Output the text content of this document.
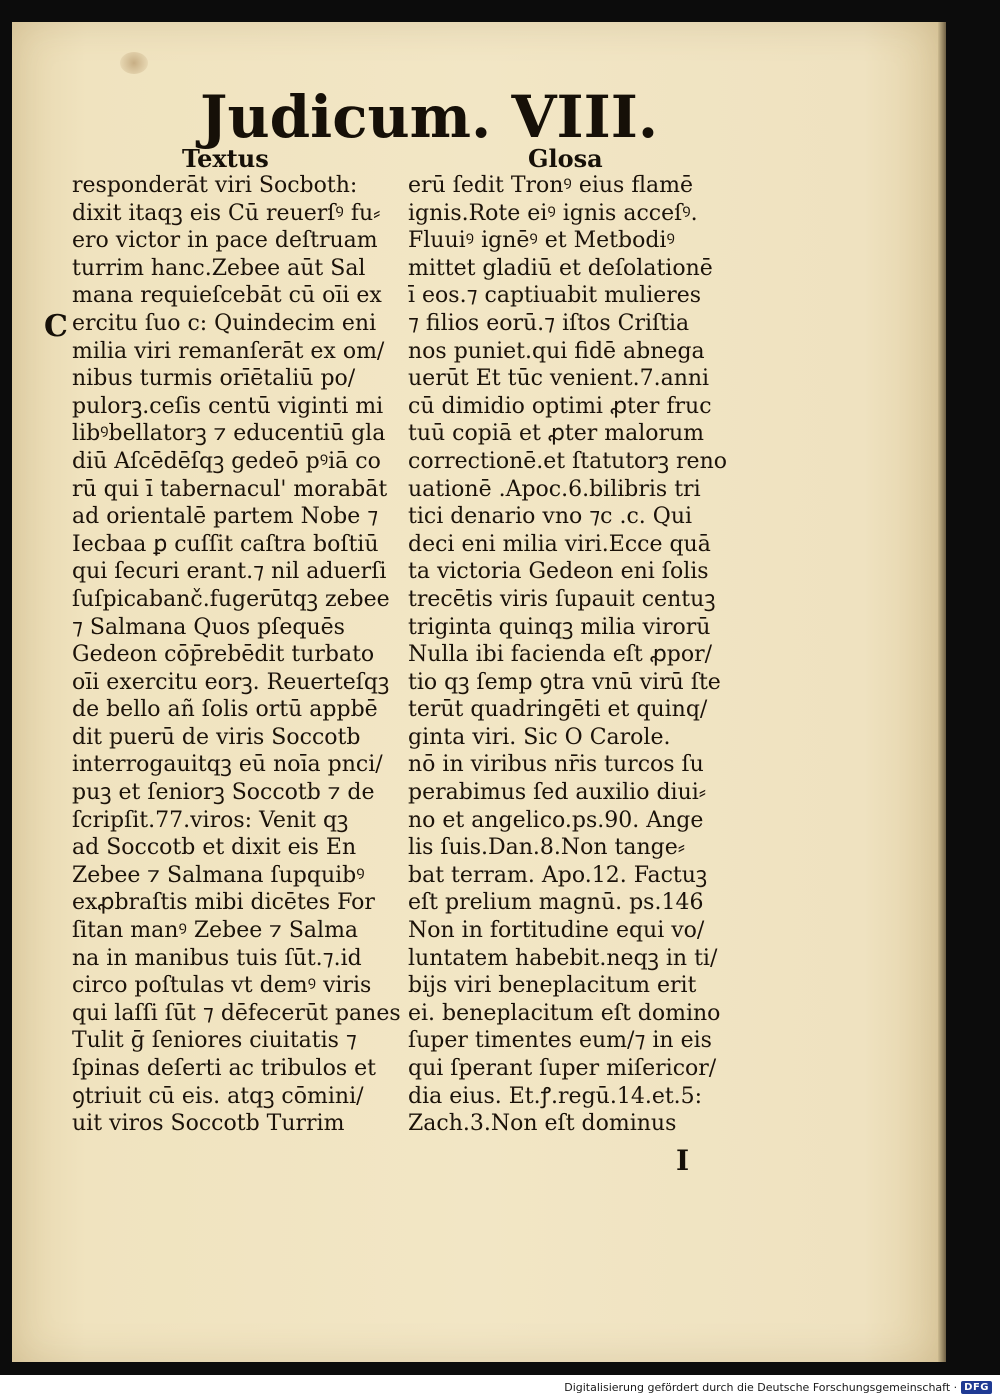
Judicum. VIII.
Textus	Glosa
C
responderāt viri Socboth:
dixit itaqꝫ eis Cū reuerſꝰ fu⸗
ero victor in pace deſtruam
turrim hanc.Zebee aūt Sal
mana requieſcebāt cū oīi ex
ercitu ſuo c: Quindecim eni
milia viri remanſerāt ex om/
nibus turmis orīētaliū po/
pulorꝫ.ceſis centū viginti mi
libꝰbellatorꝫ ⁊ educentiū gla
diū Aſcēdēſqꝫ gedeō pꝰiā co
rū qui ī tabernacul' morabāt
ad orientalē partem Nobe ⁊
Iecbaa ꝑ cuſſit caſtra boſtiū
qui ſecuri erant.⁊ nil aduerſi
ſuſpicabanč.fugerūtqꝫ zebee
⁊ Salmana Quos pſequēs
Gedeon cōp̄rebēdit turbato
oīi exercitu eorꝫ. Reuerteſqꝫ
de bello añ ſolis ortū appbē
dit puerū de viris Soccotb
interrogauitqꝫ eū noīa pnci/
puꝫ et ſeniorꝫ Soccotb ⁊ de
ſcripſit.77.viros: Venit qꝫ
ad Soccotb et dixit eis En
Zebee ⁊ Salmana ſupquibꝰ
exꝓbraſtis mibi dicētes For
ſitan manꝰ Zebee ⁊ Salma
na in manibus tuis ſūt.⁊.id
circo poſtulas vt demꝰ viris
qui laſſi ſūt ⁊ dēfecerūt panes
Tulit ḡ ſeniores ciuitatis ⁊
ſpinas deſerti ac tribulos et
ꝯtriuit cū eis. atqꝫ cōmini/
uit viros Soccotb Turrim
erū ſedit Tronꝰ eius flamē
ignis.Rote eiꝰ ignis acceſꝰ.
Fluuiꝰ ignēꝰ et Metbodiꝰ
mittet gladiū et deſolationē
ī eos.⁊ captiuabit mulieres
⁊ filios eorū.⁊ iſtos Criſtia
nos puniet.qui fidē abnega
uerūt Et tūc venient.7.anni
cū dimidio optimi ꝓter fruc
tuū copiā et ꝓter malorum
correctionē.et ſtatutorꝫ reno
uationē .Apoc.6.bilibris tri
tici denario vno ⁊c .c. Qui
deci eni milia viri.Ecce quā
ta victoria Gedeon eni ſolis
trecētis viris ſupauit centuꝫ
triginta quinqꝫ milia virorū
Nulla ibi facienda eſt ꝓpor/
tio qꝫ ſemp ꝯtra vnū virū ſte
terūt quadringēti et quinq/
ginta viri. Sic O Carole.
nō in viribus nr̄is turcos ſu
perabimus ſed auxilio diui⸗
no et angelico.ps.90. Ange
lis ſuis.Dan.8.Non tange⸗
bat terram. Apo.12. Factuꝫ
eſt prelium magnū. ps.146
Non in fortitudine equi vo/
luntatem habebit.neqꝫ in ti/
bijs viri beneplacitum erit
ei. beneplacitum eſt domino
ſuper timentes eum/⁊ in eis
qui ſperant ſuper miſericor/
dia eius. Et.ꝭ.regū.14.et.5:
Zach.3.Non eſt dominus
I
Digitalisierung gefördert durch die Deutsche Forschungsgemeinschaft · DFG
